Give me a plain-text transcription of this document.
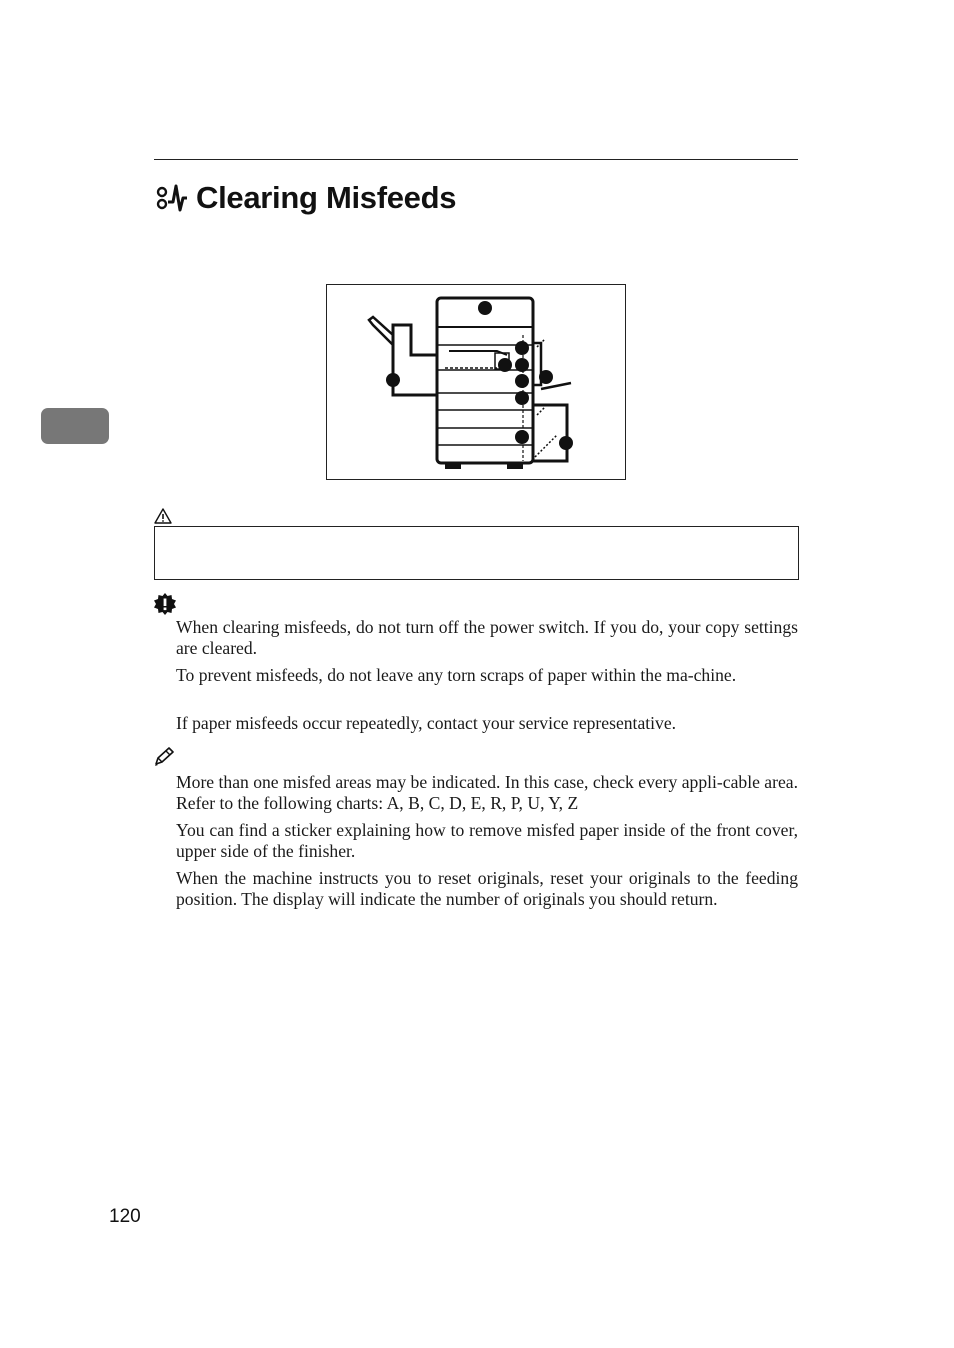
Clearing Misfeeds

When clearing misfeeds, do not turn off the power switch. If you do, your copy settings are cleared.

To prevent misfeeds, do not leave any torn scraps of paper within the ma-chine.

If paper misfeeds occur repeatedly, contact your service representative.

More than one misfed areas may be indicated. In this case, check every appli-cable area. Refer to the following charts: A, B, C, D, E, R, P, U, Y, Z

You can find a sticker explaining how to remove misfed paper inside of the front cover, upper side of the finisher.

When the machine instructs you to reset originals, reset your originals to the feeding position. The display will indicate the number of originals you should return.

120
